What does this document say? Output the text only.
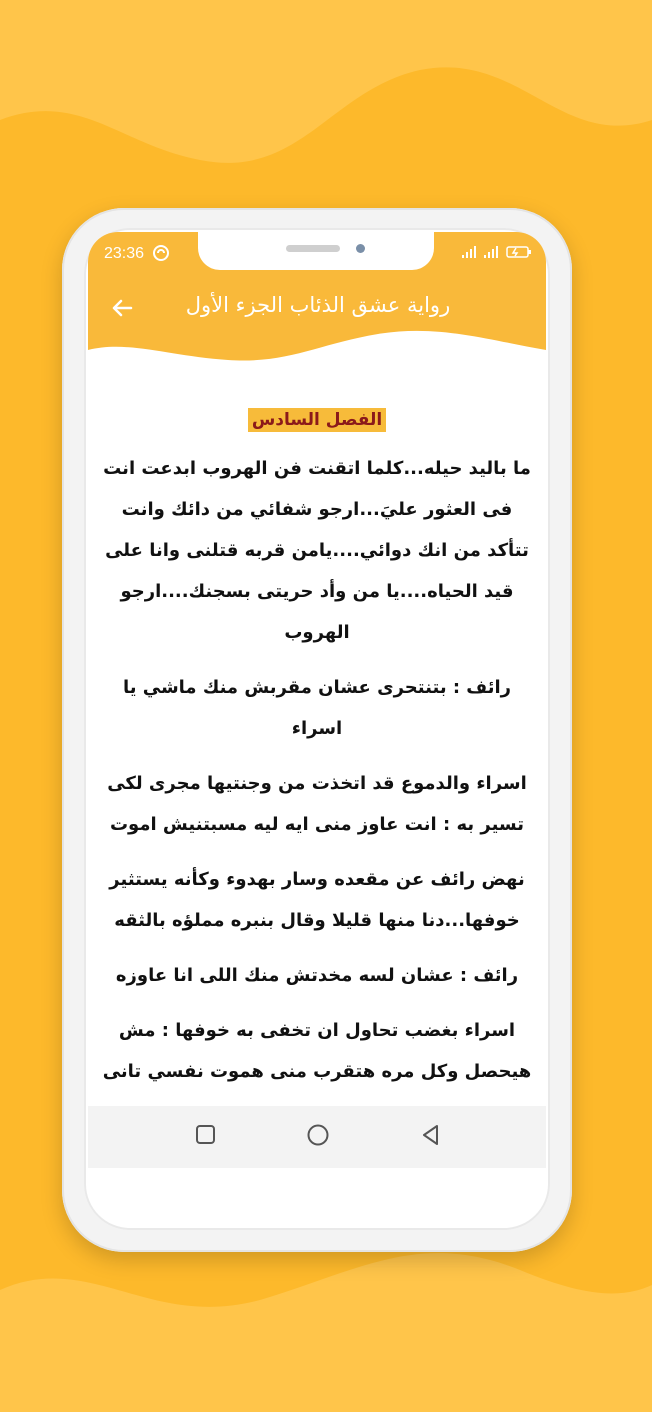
23:36
رواية عشق الذئاب الجزء الأول
الفصل السادس

ما باليد حيله...كلما اتقنت فن الهروب ابدعت انت فى العثور عليَ...ارجو شفائي من دائك وانت تتأكد من انك دوائي....يامن قربه قتلنى وانا على قيد الحياه....يا من وأد حريتى بسجنك....ارجو الهروب

رائف : بتنتحرى عشان مقربش منك ماشي يا اسراء

اسراء والدموع قد اتخذت من وجنتيها مجرى لكى تسير به : انت عاوز منى ايه ليه مسبتنيش اموت

نهض رائف عن مقعده وسار بهدوء وكأنه يستثير خوفها...دنا منها قليلا وقال بنبره مملؤه بالثقه

رائف : عشان لسه مخدتش منك اللى انا عاوزه

اسراء بغضب تحاول ان تخفى به خوفها : مش هيحصل وكل مره هتقرب منى هموت نفسي تانى
